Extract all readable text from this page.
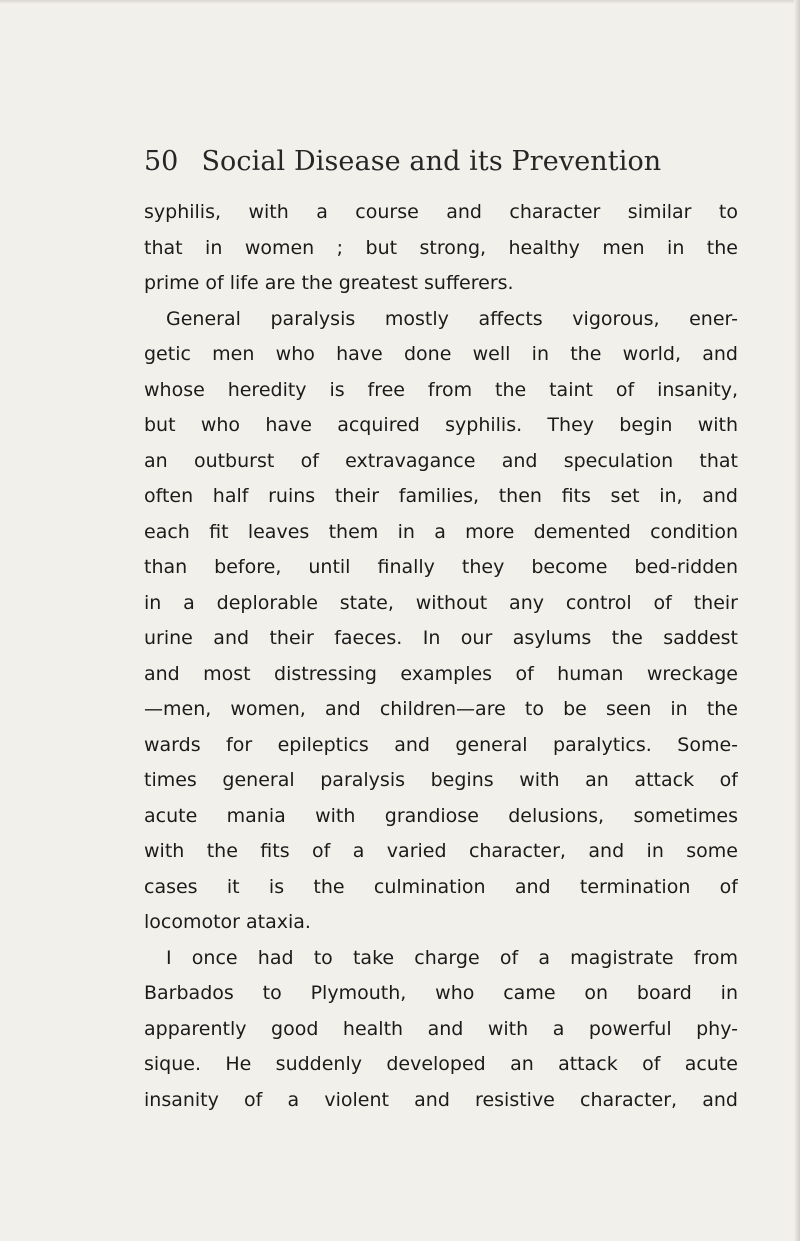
50 Social Disease and its Prevention
syphilis, with a course and character similar to
that in women ; but strong, healthy men in the
prime of life are the greatest sufferers.
General paralysis mostly affects vigorous, ener-
getic men who have done well in the world, and
whose heredity is free from the taint of insanity,
but who have acquired syphilis. They begin with
an outburst of extravagance and speculation that
often half ruins their families, then fits set in, and
each fit leaves them in a more demented condition
than before, until finally they become bed-ridden
in a deplorable state, without any control of their
urine and their faeces. In our asylums the saddest
and most distressing examples of human wreckage
—men, women, and children—are to be seen in the
wards for epileptics and general paralytics. Some-
times general paralysis begins with an attack of
acute mania with grandiose delusions, sometimes
with the fits of a varied character, and in some
cases it is the culmination and termination of
locomotor ataxia.
I once had to take charge of a magistrate from
Barbados to Plymouth, who came on board in
apparently good health and with a powerful phy-
sique. He suddenly developed an attack of acute
insanity of a violent and resistive character, and
